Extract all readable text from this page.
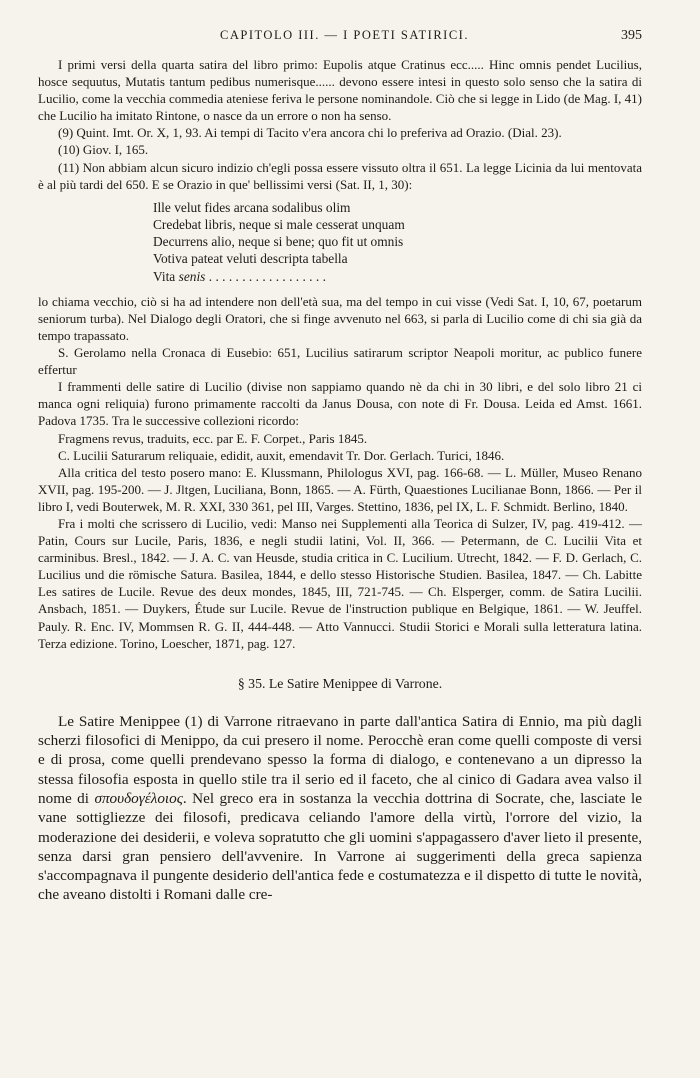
CAPITOLO III. — I POETI SATIRICI.	395

I primi versi della quarta satira del libro primo: Eupolis atque Cratinus ecc..... Hinc omnis pendet Lucilius, hosce sequutus, Mutatis tantum pedibus numerisque...... devono essere intesi in questo solo senso che la satira di Lucilio, come la vecchia commedia ateniese feriva le persone nominandole. Ciò che si legge in Lido (de Mag. I, 41) che Lucilio ha imitato Rintone, o nasce da un errore o non ha senso.

(9) Quint. Imt. Or. X, 1, 93. Ai tempi di Tacito v'era ancora chi lo preferiva ad Orazio. (Dial. 23).

(10) Giov. I, 165.

(11) Non abbiam alcun sicuro indizio ch'egli possa essere vissuto oltra il 651. La legge Licinia da lui mentovata è al più tardi del 650. E se Orazio in que' bellissimi versi (Sat. II, 1, 30):

Ille velut fides arcana sodalibus olim
Credebat libris, neque si male cesserat unquam
Decurrens alio, neque si bene; quo fit ut omnis
Votiva pateat veluti descripta tabella
Vita senis . . . . . . . . . . . . . . . . . .

lo chiama vecchio, ciò si ha ad intendere non dell'età sua, ma del tempo in cui visse (Vedi Sat. I, 10, 67, poetarum seniorum turba). Nel Dialogo degli Oratori, che si finge avvenuto nel 663, si parla di Lucilio come di chi sia già da tempo trapassato.

S. Gerolamo nella Cronaca di Eusebio: 651, Lucilius satirarum scriptor Neapoli moritur, ac publico funere effertur

I frammenti delle satire di Lucilio (divise non sappiamo quando nè da chi in 30 libri, e del solo libro 21 ci manca ogni reliquia) furono primamente raccolti da Janus Dousa, con note di Fr. Dousa. Leida ed Amst. 1661. Padova 1735. Tra le successive collezioni ricordo:

Fragmens revus, traduits, ecc. par E. F. Corpet., Paris 1845.

C. Lucilii Saturarum reliquaie, edidit, auxit, emendavit Tr. Dor. Gerlach. Turici, 1846.

Alla critica del testo posero mano: E. Klussmann, Philologus XVI, pag. 166-68. — L. Müller, Museo Renano XVII, pag. 195-200. — J. Jltgen, Luciliana, Bonn, 1865. — A. Fürth, Quaestiones Lucilianae Bonn, 1866. — Per il libro I, vedi Bouterwek, M. R. XXI, 330 361, pel III, Varges. Stettino, 1836, pel IX, L. F. Schmidt. Berlino, 1840.

Fra i molti che scrissero di Lucilio, vedi: Manso nei Supplementi alla Teorica di Sulzer, IV, pag. 419-412. — Patin, Cours sur Lucile, Paris, 1836, e negli studii latini, Vol. II, 366. — Petermann, de C. Lucilii Vita et carminibus. Bresl., 1842. — J. A. C. van Heusde, studia critica in C. Lucilium. Utrecht, 1842. — F. D. Gerlach, C. Lucilius und die römische Satura. Basilea, 1844, e dello stesso Historische Studien. Basilea, 1847. — Ch. Labitte Les satires de Lucile. Revue des deux mondes, 1845, III, 721-745. — Ch. Elsperger, comm. de Satira Lucilii. Ansbach, 1851. — Duykers, Étude sur Lucile. Revue de l'instruction publique en Belgique, 1861. — W. Jeuffel. Pauly. R. Enc. IV, Mommsen R. G. II, 444-448. — Atto Vannucci. Studii Storici e Morali sulla letteratura latina. Terza edizione. Torino, Loescher, 1871, pag. 127.

§ 35. Le Satire Menippee di Varrone.

Le Satire Menippee (1) di Varrone ritraevano in parte dall'antica Satira di Ennio, ma più dagli scherzi filosofici di Menippo, da cui presero il nome. Perocchè eran come quelli composte di versi e di prosa, come quelli prendevano spesso la forma di dialogo, e contenevano a un dipresso la stessa filosofia esposta in quello stile tra il serio ed il faceto, che al cinico di Gadara avea valso il nome di σπουδογέλοιος. Nel greco era in sostanza la vecchia dottrina di Socrate, che, lasciate le vane sottigliezze dei filosofi, predicava celiando l'amore della virtù, l'orrore del vizio, la moderazione dei desiderii, e voleva sopratutto che gli uomini s'appagassero d'aver lieto il presente, senza darsi gran pensiero dell'avvenire. In Varrone ai suggerimenti della greca sapienza s'accompagnava il pungente desiderio dell'antica fede e costumatezza e il dispetto di tutte le novità, che aveano distolti i Romani dalle cre-
